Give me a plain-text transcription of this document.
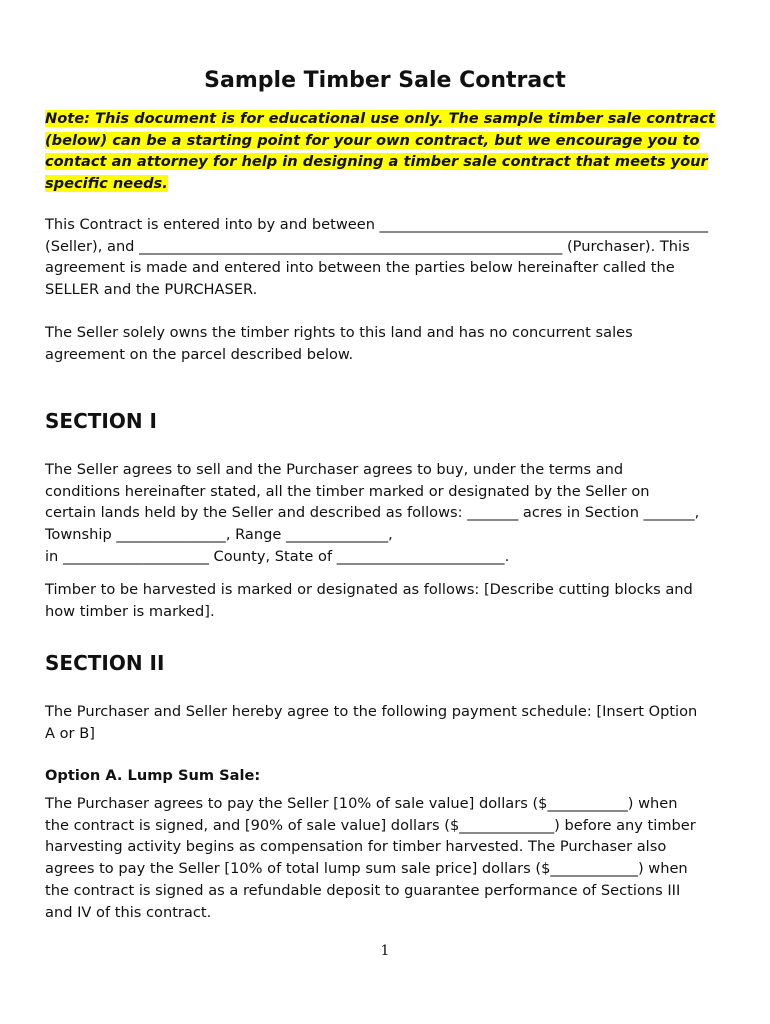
Sample Timber Sale Contract

Note: This document is for educational use only. The sample timber sale contract (below) can be a starting point for your own contract, but we encourage you to contact an attorney for help in designing a timber sale contract that meets your specific needs.

This Contract is entered into by and between _____________________________________________
(Seller), and __________________________________________________________ (Purchaser). This
agreement is made and entered into between the parties below hereinafter called the
SELLER and the PURCHASER.

The Seller solely owns the timber rights to this land and has no concurrent sales
agreement on the parcel described below.

SECTION I

The Seller agrees to sell and the Purchaser agrees to buy, under the terms and
conditions hereinafter stated, all the timber marked or designated by the Seller on
certain lands held by the Seller and described as follows: _______ acres in Section _______,
Township _______________, Range ______________,
in ____________________ County, State of _______________________.

Timber to be harvested is marked or designated as follows: [Describe cutting blocks and
how timber is marked].

SECTION II

The Purchaser and Seller hereby agree to the following payment schedule: [Insert Option
A or B]

Option A. Lump Sum Sale:

The Purchaser agrees to pay the Seller [10% of sale value] dollars ($___________) when
the contract is signed, and [90% of sale value] dollars ($_____________) before any timber
harvesting activity begins as compensation for timber harvested. The Purchaser also
agrees to pay the Seller [10% of total lump sum sale price] dollars ($____________) when
the contract is signed as a refundable deposit to guarantee performance of Sections III
and IV of this contract.

1
